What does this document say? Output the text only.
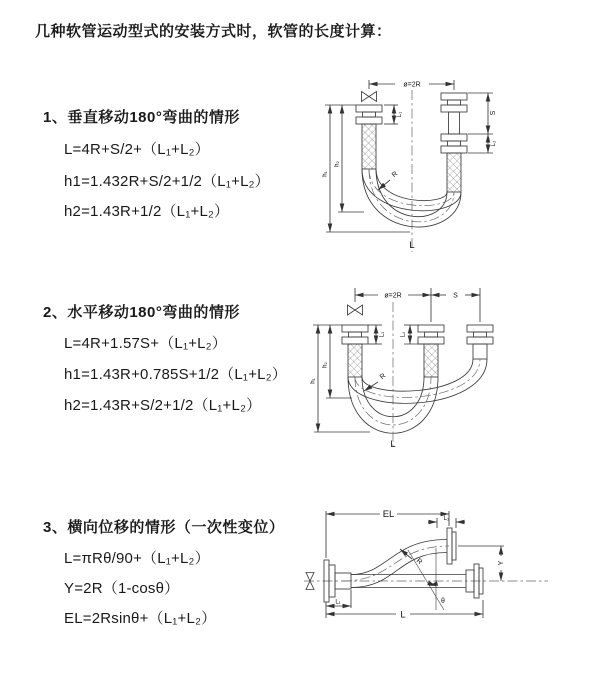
几种软管运动型式的安装方式时，软管的长度计算：
1、垂直移动180°弯曲的情形
L=4R+S/2+（L₁+L₂）
h1=1.432R+S/2+1/2（L₁+L₂）
h2=1.43R+1/2（L₁+L₂）
ø=2R
L₁	S
L₂
h₂
h₁	R
L
2、水平移动180°弯曲的情形
L=4R+1.57S+（L₁+L₂）
h1=1.43R+0.785S+1/2（L₁+L₂）
h2=1.43R+S/2+1/2（L₁+L₂）
ø=2R	S
L₁	L₂
h₂
h₁	R
L
3、横向位移的情形（一次性变位）
L=πRθ/90+（L₁+L₂）
Y=2R（1-cosθ）
EL=2Rsinθ+（L₁+L₂）
EL	L₂
Y
θ
R
L₁
L
